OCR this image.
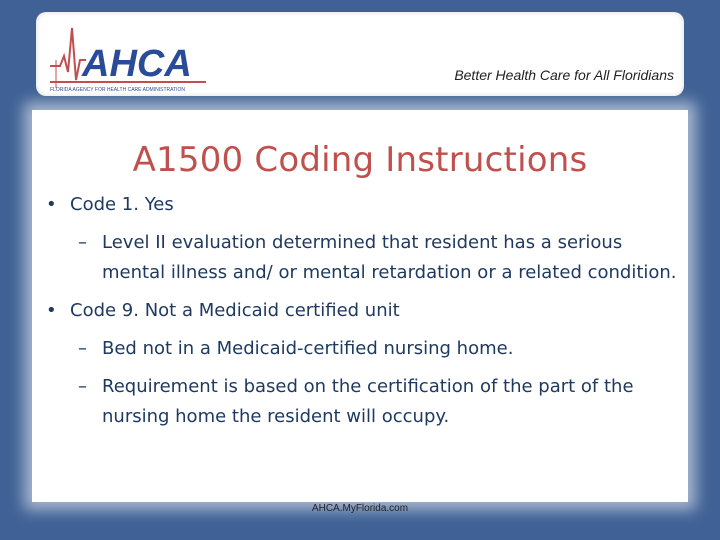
AHCA
FLORIDA AGENCY FOR HEALTH CARE ADMINISTRATION
Better Health Care for All Floridians
A1500 Coding Instructions
• Code 1. Yes
– Level II evaluation determined that resident has a serious mental illness and/ or mental retardation or a related condition.
• Code 9. Not a Medicaid certified unit
– Bed not in a Medicaid-certified nursing home.
– Requirement is based on the certification of the part of the nursing home the resident will occupy.
AHCA.MyFlorida.com
